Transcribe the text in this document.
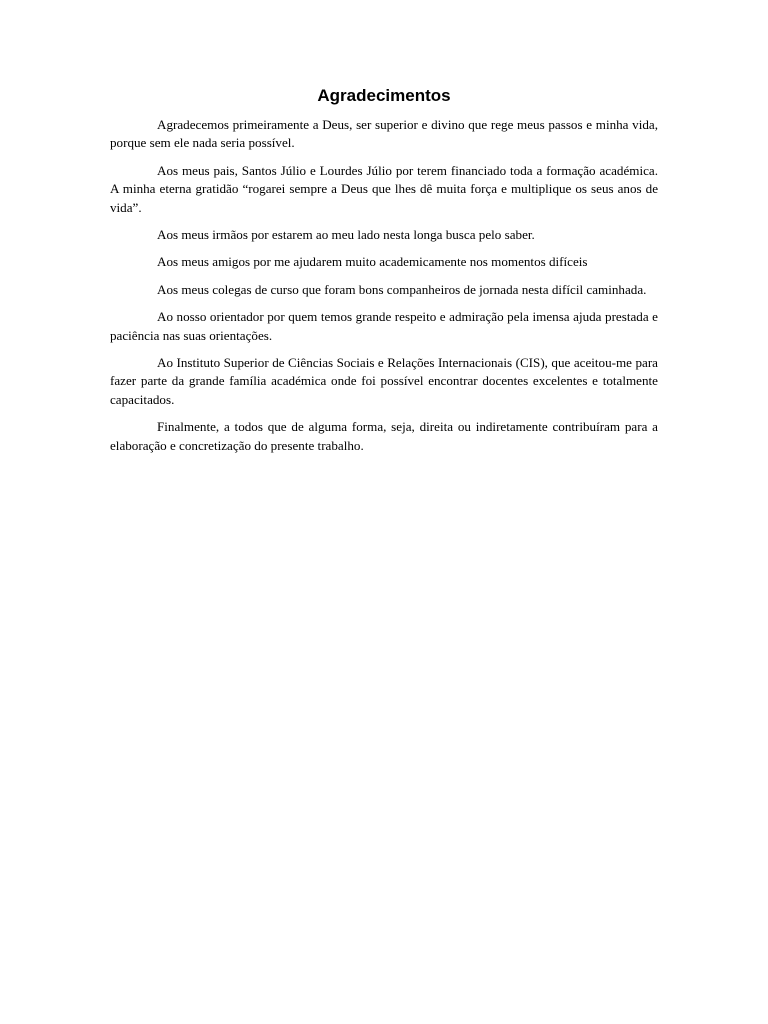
Agradecimentos

Agradecemos primeiramente a Deus, ser superior e divino que rege meus passos e minha vida, porque sem ele nada seria possível.

Aos meus pais, Santos Júlio e Lourdes Júlio por terem financiado toda a formação académica. A minha eterna gratidão “rogarei sempre a Deus que lhes dê muita força e multiplique os seus anos de vida”.

Aos meus irmãos por estarem ao meu lado nesta longa busca pelo saber.

Aos meus amigos por me ajudarem muito academicamente nos momentos difíceis

Aos meus colegas de curso que foram bons companheiros de jornada nesta difícil caminhada.

Ao nosso orientador por quem temos grande respeito e admiração pela imensa ajuda prestada e paciência nas suas orientações.

Ao Instituto Superior de Ciências Sociais e Relações Internacionais (CIS), que aceitou-me para fazer parte da grande família académica onde foi possível encontrar docentes excelentes e totalmente capacitados.

Finalmente, a todos que de alguma forma, seja, direita ou indiretamente contribuíram para a elaboração e concretização do presente trabalho.
